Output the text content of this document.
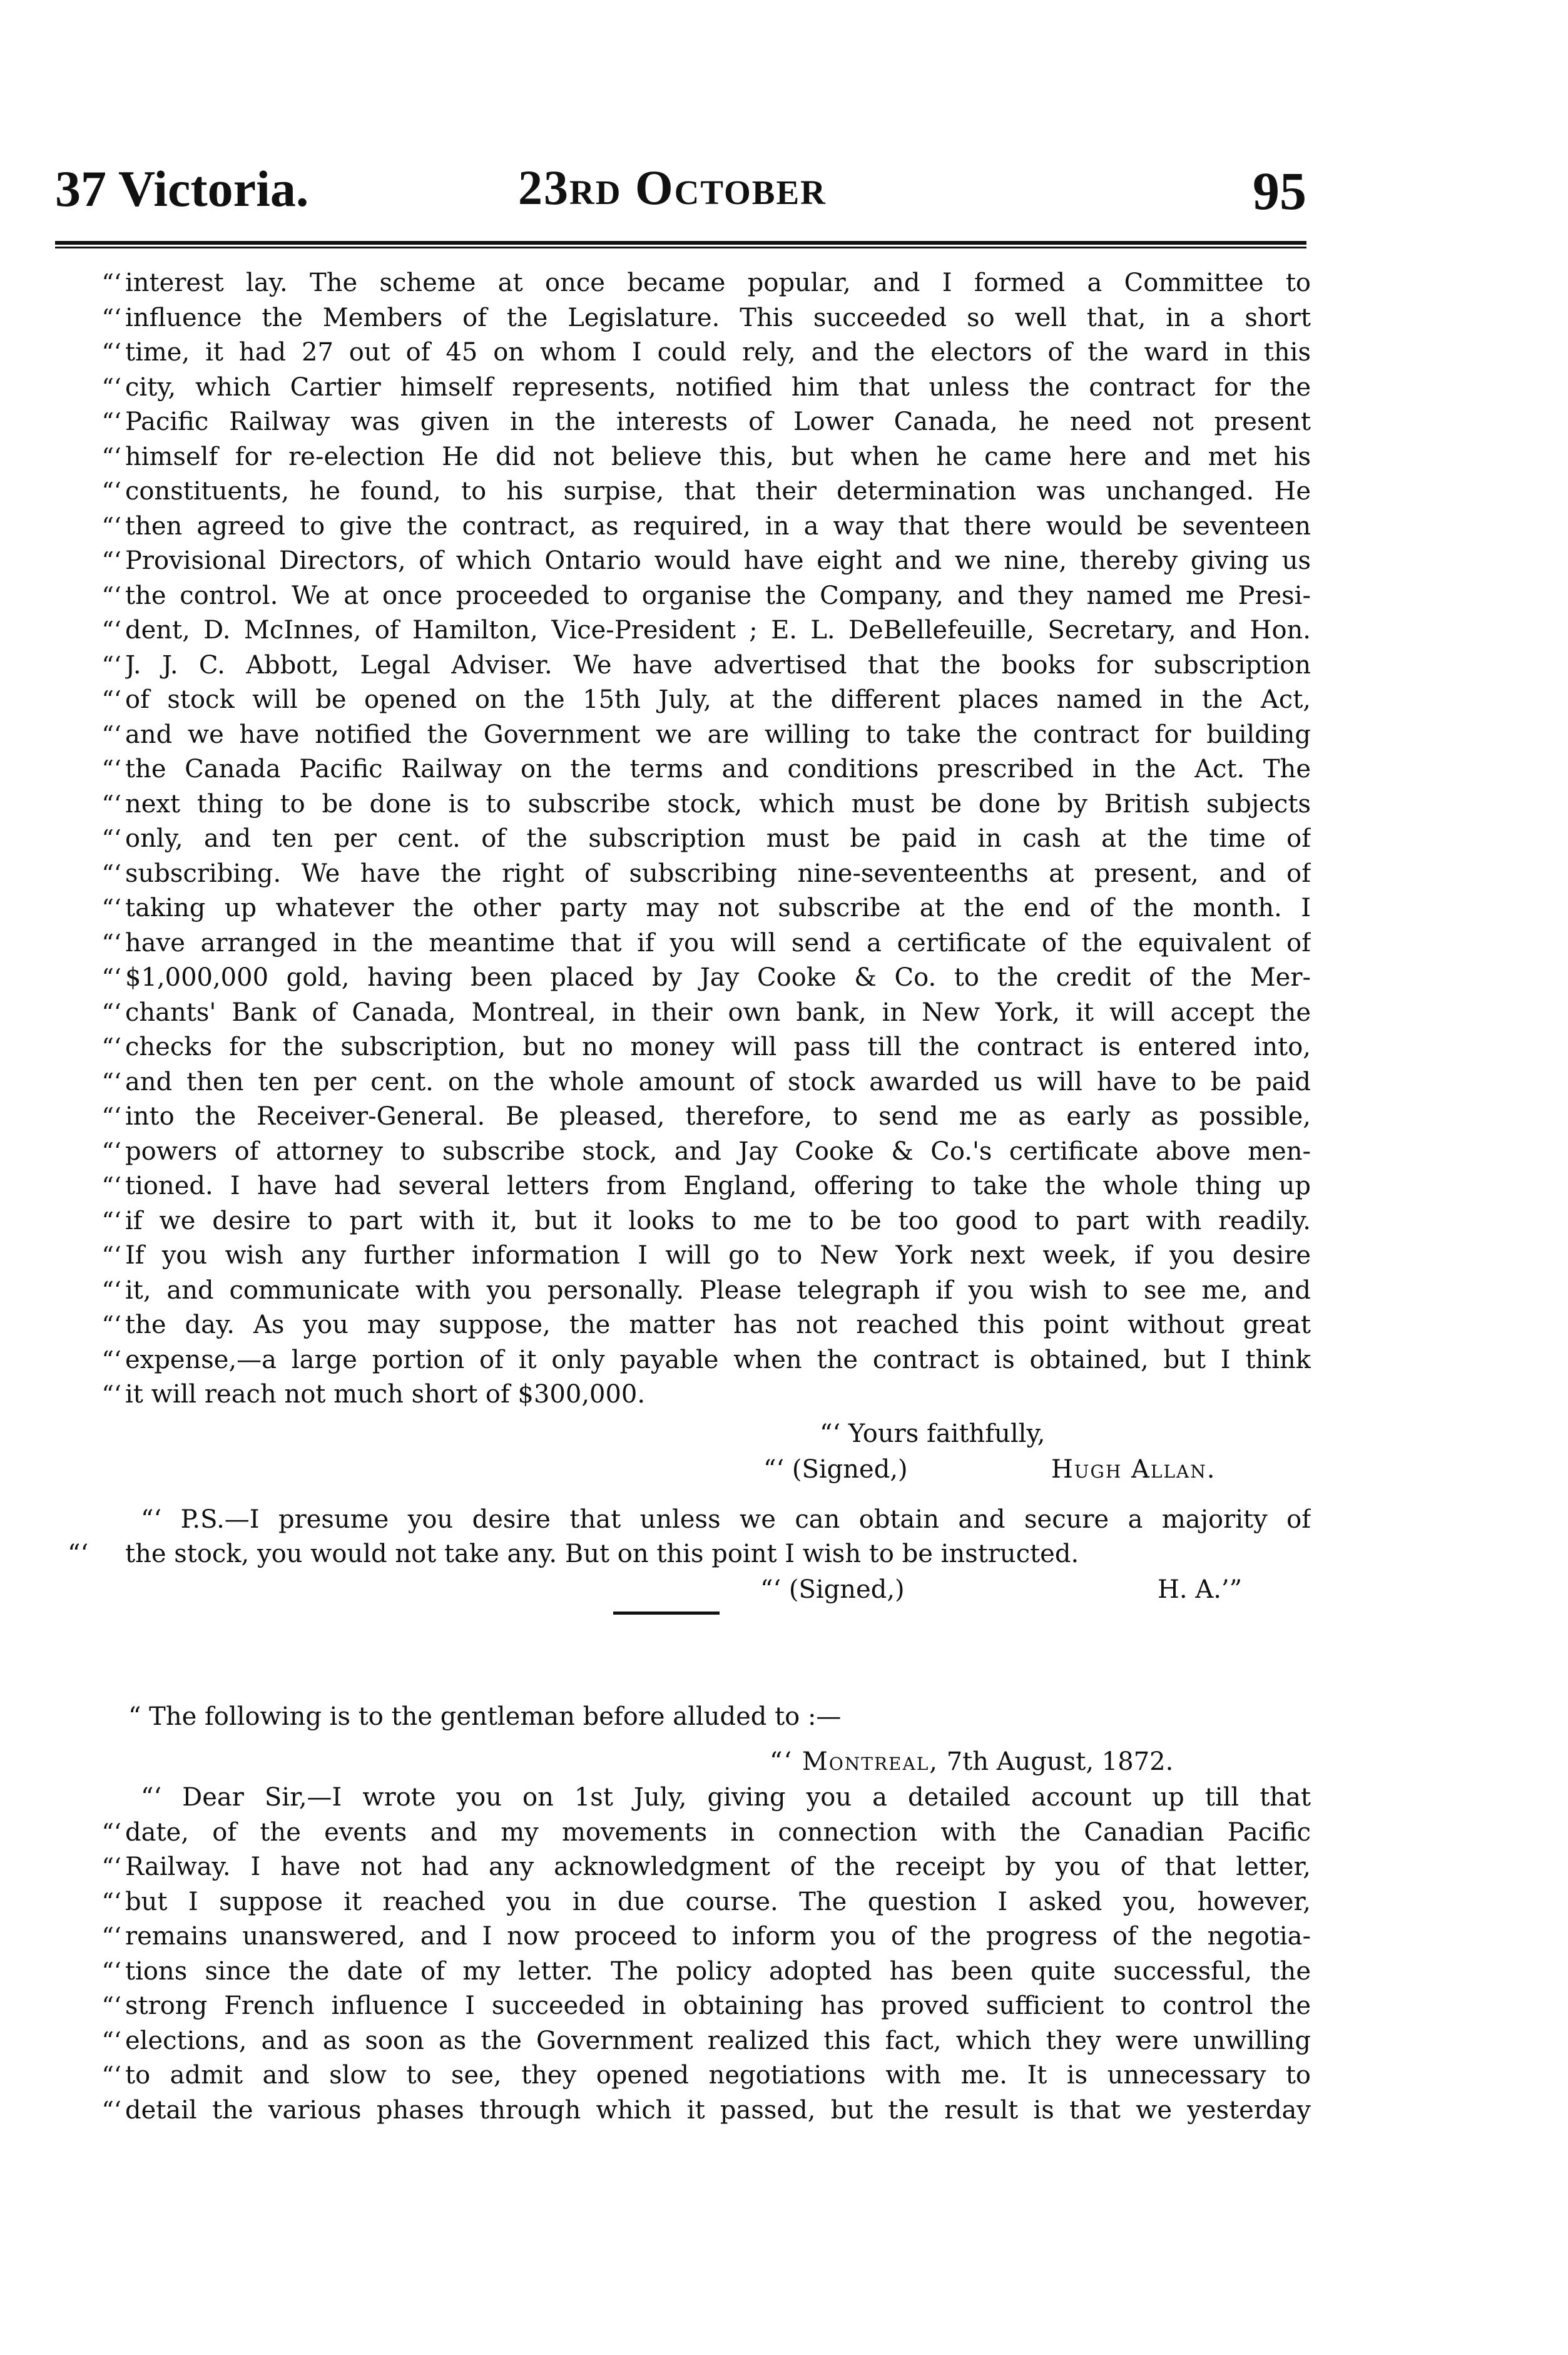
37 Victoria.	23rd October	95
“‘ interest lay. The scheme at once became popular, and I formed a Committee to
“‘ influence the Members of the Legislature. This succeeded so well that, in a short
“‘ time, it had 27 out of 45 on whom I could rely, and the electors of the ward in this
“‘ city, which Cartier himself represents, notified him that unless the contract for the
“‘ Pacific Railway was given in the interests of Lower Canada, he need not present
“‘ himself for re-election He did not believe this, but when he came here and met his
“‘ constituents, he found, to his surpise, that their determination was unchanged. He
“‘ then agreed to give the contract, as required, in a way that there would be seventeen
“‘ Provisional Directors, of which Ontario would have eight and we nine, thereby giving us
“‘ the control. We at once proceeded to organise the Company, and they named me Presi-
“‘ dent, D. McInnes, of Hamilton, Vice-President ; E. L. DeBellefeuille, Secretary, and Hon.
“‘ J. J. C. Abbott, Legal Adviser. We have advertised that the books for subscription
“‘ of stock will be opened on the 15th July, at the different places named in the Act,
“‘ and we have notified the Government we are willing to take the contract for building
“‘ the Canada Pacific Railway on the terms and conditions prescribed in the Act. The
“‘ next thing to be done is to subscribe stock, which must be done by British subjects
“‘ only, and ten per cent. of the subscription must be paid in cash at the time of
“‘ subscribing. We have the right of subscribing nine-seventeenths at present, and of
“‘ taking up whatever the other party may not subscribe at the end of the month. I
“‘ have arranged in the meantime that if you will send a certificate of the equivalent of
“‘ $1,000,000 gold, having been placed by Jay Cooke & Co. to the credit of the Mer-
“‘ chants' Bank of Canada, Montreal, in their own bank, in New York, it will accept the
“‘ checks for the subscription, but no money will pass till the contract is entered into,
“‘ and then ten per cent. on the whole amount of stock awarded us will have to be paid
“‘ into the Receiver-General. Be pleased, therefore, to send me as early as possible,
“‘ powers of attorney to subscribe stock, and Jay Cooke & Co.'s certificate above men-
“‘ tioned. I have had several letters from England, offering to take the whole thing up
“‘ if we desire to part with it, but it looks to me to be too good to part with readily.
“‘ If you wish any further information I will go to New York next week, if you desire
“‘ it, and communicate with you personally. Please telegraph if you wish to see me, and
“‘ the day. As you may suppose, the matter has not reached this point without great
“‘ expense,—a large portion of it only payable when the contract is obtained, but I think
“‘ it will reach not much short of $300,000.
“‘ Yours faithfully,
“‘ (Signed,)	Hugh Allan.
“‘ P.S.—I presume you desire that unless we can obtain and secure a majority of
“‘ the stock, you would not take any. But on this point I wish to be instructed.
“‘ (Signed,)	H. A.’”
“ The following is to the gentleman before alluded to :—
“‘ Montreal, 7th August, 1872.
“‘ Dear Sir,—I wrote you on 1st July, giving you a detailed account up till that
“‘ date, of the events and my movements in connection with the Canadian Pacific
“‘ Railway. I have not had any acknowledgment of the receipt by you of that letter,
“‘ but I suppose it reached you in due course. The question I asked you, however,
“‘ remains unanswered, and I now proceed to inform you of the progress of the negotia-
“‘ tions since the date of my letter. The policy adopted has been quite successful, the
“‘ strong French influence I succeeded in obtaining has proved sufficient to control the
“‘ elections, and as soon as the Government realized this fact, which they were unwilling
“‘ to admit and slow to see, they opened negotiations with me. It is unnecessary to
“‘ detail the various phases through which it passed, but the result is that we yesterday
